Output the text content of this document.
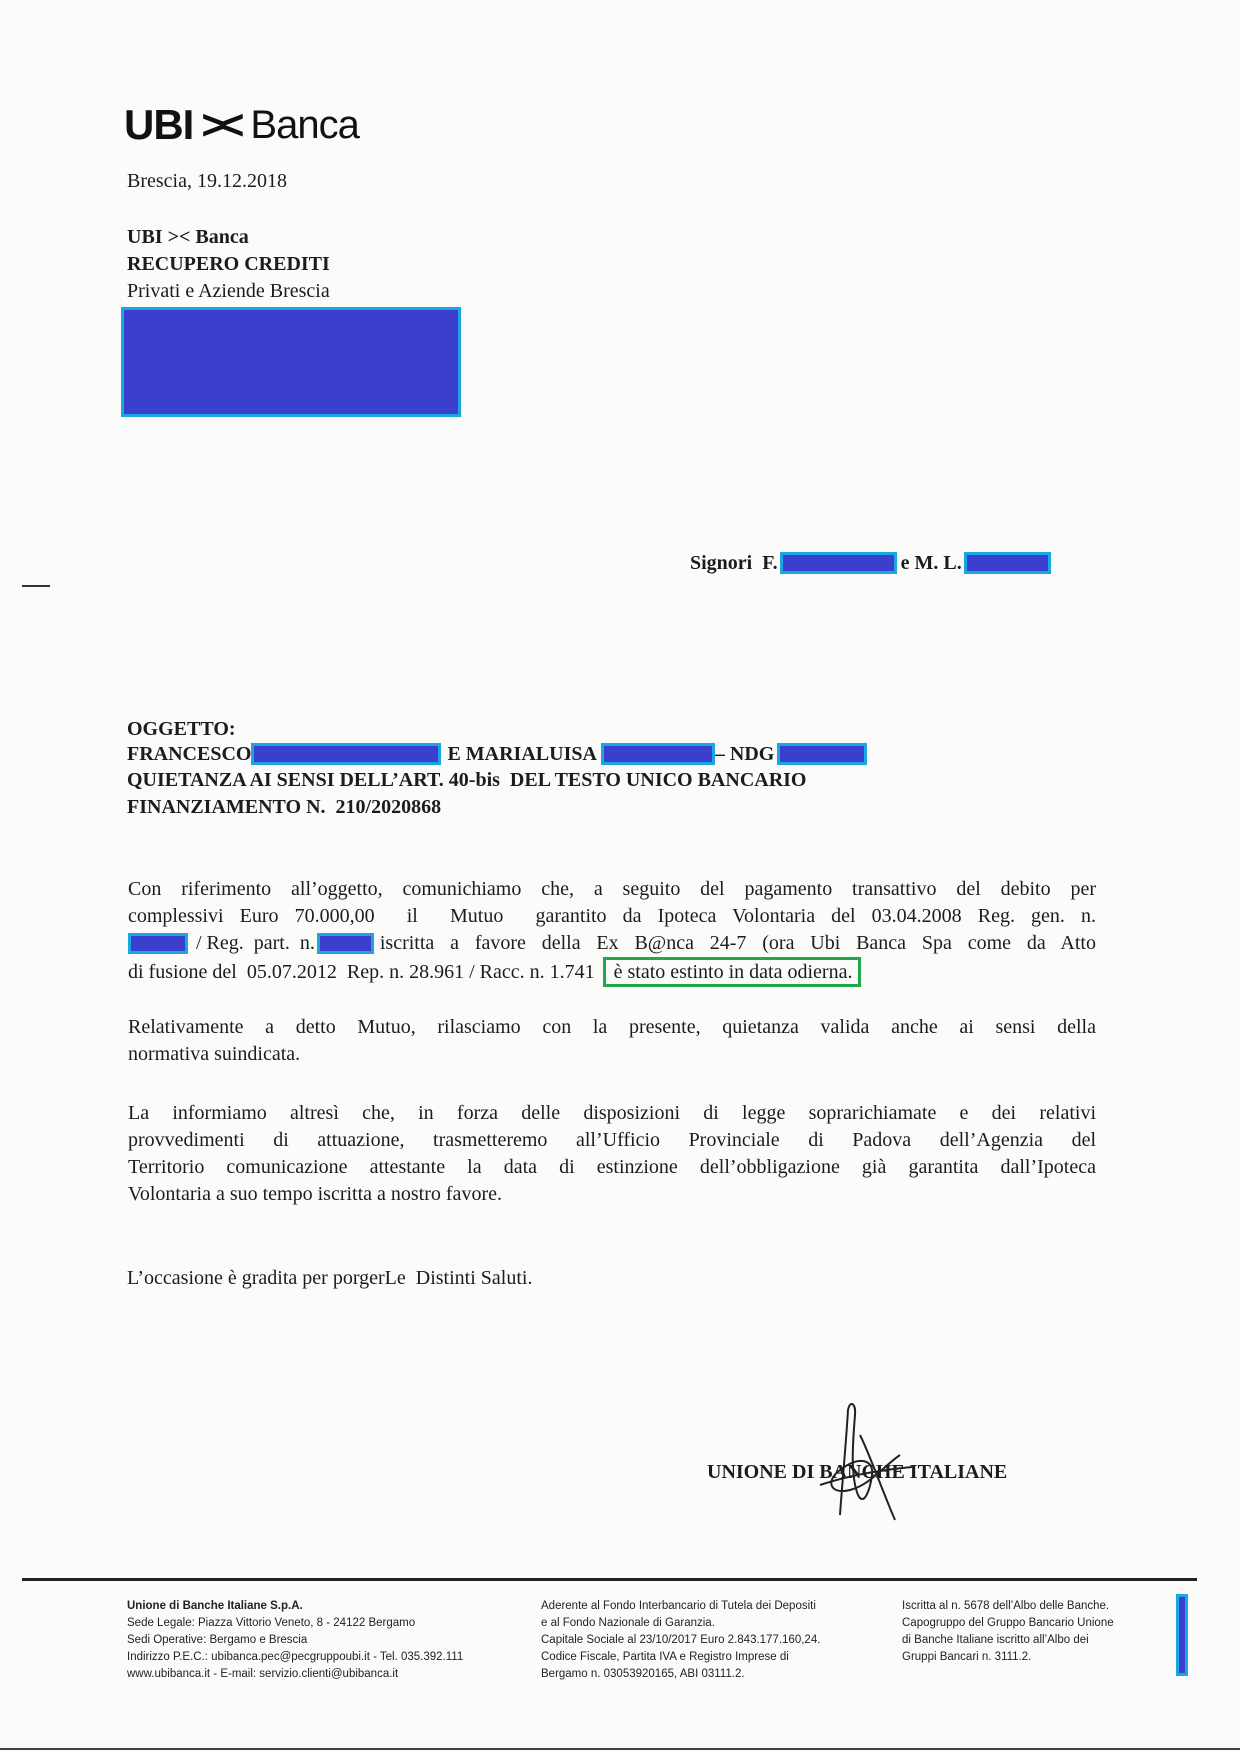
UBI >< Banca
Brescia, 19.12.2018
UBI >< Banca
RECUPERO CREDITI
Privati e Aziende Brescia
Signori  F.	e M. L.
OGGETTO:
FRANCESCO	E MARIALUISA	– NDG
QUIETANZA AI SENSI DELL’ART. 40-bis  DEL TESTO UNICO BANCARIO
FINANZIAMENTO N.  210/2020868
Con riferimento all’oggetto, comunichiamo che, a seguito del pagamento transattivo del debito per
complessivi Euro 70.000,00  il  Mutuo  garantito da Ipoteca Volontaria del 03.04.2008 Reg. gen. n.
/ Reg.  part.  n.	iscritta a favore della Ex B@nca 24-7 (ora Ubi Banca Spa come da Atto
di fusione del  05.07.2012  Rep. n. 28.961 / Racc. n. 1.741 è stato estinto in data odierna.
Relativamente a detto Mutuo, rilasciamo con la presente, quietanza valida anche ai sensi della
normativa suindicata.
La informiamo altresì che, in forza delle disposizioni di legge soprarichiamate e dei relativi
provvedimenti di attuazione, trasmetteremo all’Ufficio Provinciale di Padova dell’Agenzia del
Territorio comunicazione attestante la data di estinzione dell’obbligazione già garantita dall’Ipoteca
Volontaria a suo tempo iscritta a nostro favore.
L’occasione è gradita per porgerLe  Distinti Saluti.
UNIONE DI BANCHE ITALIANE
Unione di Banche Italiane S.p.A.
Sede Legale: Piazza Vittorio Veneto, 8 - 24122 Bergamo
Sedi Operative: Bergamo e Brescia
Indirizzo P.E.C.: ubibanca.pec@pecgruppoubi.it - Tel. 035.392.111
www.ubibanca.it - E-mail: servizio.clienti@ubibanca.it
Aderente al Fondo Interbancario di Tutela dei Depositi
e al Fondo Nazionale di Garanzia.
Capitale Sociale al 23/10/2017 Euro 2.843.177.160,24.
Codice Fiscale, Partita IVA e Registro Imprese di
Bergamo n. 03053920165, ABI 03111.2.
Iscritta al n. 5678 dell’Albo delle Banche.
Capogruppo del Gruppo Bancario Unione
di Banche Italiane iscritto all’Albo dei
Gruppi Bancari n. 3111.2.
